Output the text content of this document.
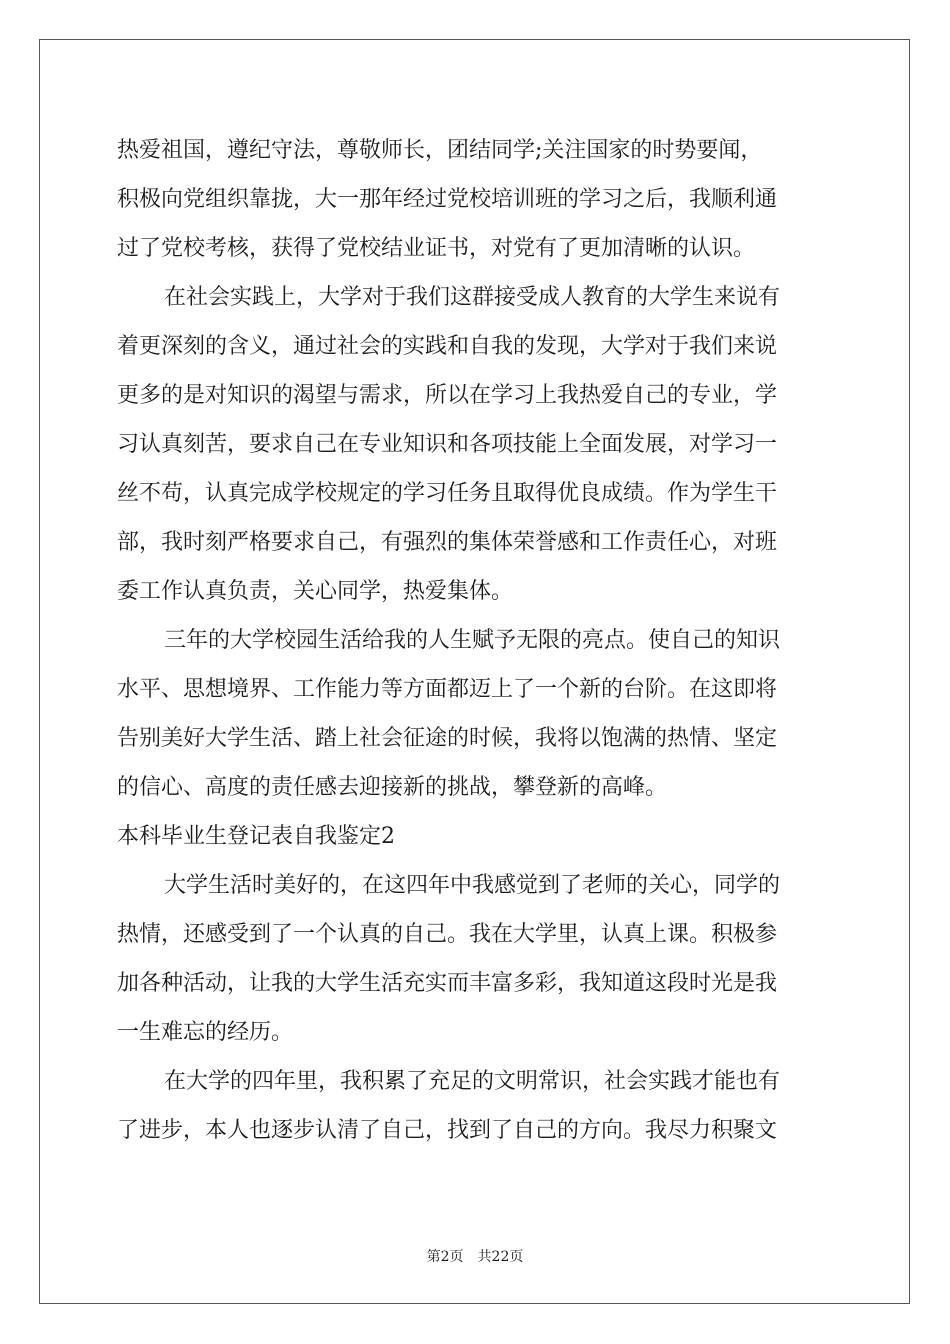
热爱祖国，遵纪守法，尊敬师长，团结同学;关注国家的时势要闻，
积极向党组织靠拢，大一那年经过党校培训班的学习之后，我顺利通
过了党校考核，获得了党校结业证书，对党有了更加清晰的认识。
在社会实践上，大学对于我们这群接受成人教育的大学生来说有
着更深刻的含义，通过社会的实践和自我的发现，大学对于我们来说
更多的是对知识的渴望与需求，所以在学习上我热爱自己的专业，学
习认真刻苦，要求自己在专业知识和各项技能上全面发展，对学习一
丝不苟，认真完成学校规定的学习任务且取得优良成绩。作为学生干
部，我时刻严格要求自己，有强烈的集体荣誉感和工作责任心，对班
委工作认真负责，关心同学，热爱集体。
三年的大学校园生活给我的人生赋予无限的亮点。使自己的知识
水平、思想境界、工作能力等方面都迈上了一个新的台阶。在这即将
告别美好大学生活、踏上社会征途的时候，我将以饱满的热情、坚定
的信心、高度的责任感去迎接新的挑战，攀登新的高峰。
本科毕业生登记表自我鉴定2
大学生活时美好的，在这四年中我感觉到了老师的关心，同学的
热情，还感受到了一个认真的自己。我在大学里，认真上课。积极参
加各种活动，让我的大学生活充实而丰富多彩，我知道这段时光是我
一生难忘的经历。
在大学的四年里，我积累了充足的文明常识，社会实践才能也有
了进步，本人也逐步认清了自己，找到了自己的方向。我尽力积聚文
第2页 共22页
